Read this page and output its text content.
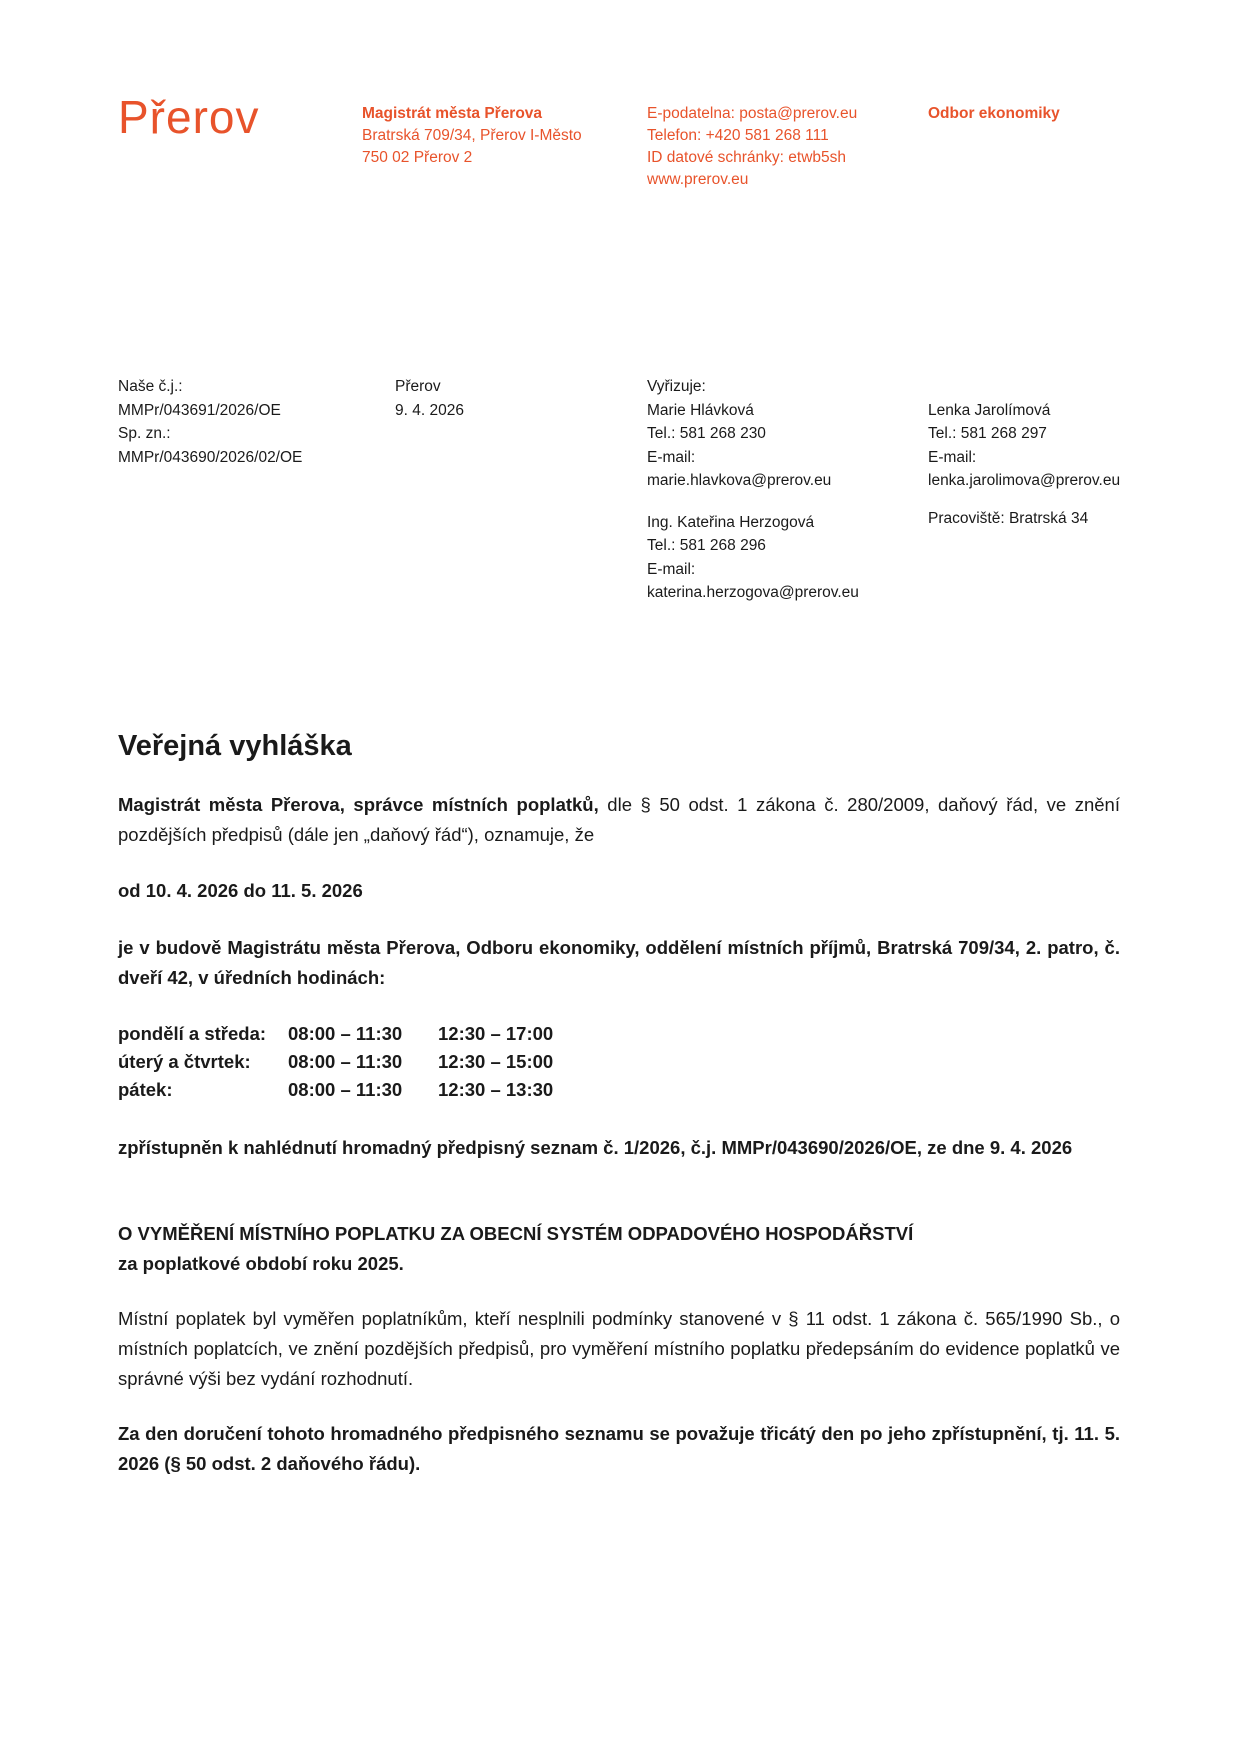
Přerov	Magistrát města Přerova
Bratrská 709/34, Přerov I-Město
750 02 Přerov 2
E-podatelna: posta@prerov.eu
Telefon: +420 581 268 111
ID datové schránky: etwb5sh
www.prerov.eu
Odbor ekonomiky
Naše č.j.:
MMPr/043691/2026/OE
Sp. zn.:
MMPr/043690/2026/02/OE
Přerov
9. 4. 2026
Vyřizuje:
Marie Hlávková
Tel.: 581 268 230
E-mail:
marie.hlavkova@prerov.eu
Ing. Kateřina Herzogová
Tel.: 581 268 296
E-mail:
katerina.herzogova@prerov.eu
Lenka Jarolímová
Tel.: 581 268 297
E-mail:
lenka.jarolimova@prerov.eu
Pracoviště: Bratrská 34
Veřejná vyhláška
Magistrát města Přerova, správce místních poplatků, dle § 50 odst. 1 zákona č. 280/2009, daňový řád, ve znění pozdějších předpisů (dále jen „daňový řád“), oznamuje, že
od 10. 4. 2026 do 11. 5. 2026
je v budově Magistrátu města Přerova, Odboru ekonomiky, oddělení místních příjmů, Bratrská 709/34, 2. patro, č. dveří 42, v úředních hodinách:
pondělí a středa:	08:00 – 11:30	12:30 – 17:00
úterý a čtvrtek:	08:00 – 11:30	12:30 – 15:00
pátek:	08:00 – 11:30	12:30 – 13:30
zpřístupněn k nahlédnutí hromadný předpisný seznam č. 1/2026, č.j. MMPr/043690/2026/OE, ze dne 9. 4. 2026
O VYMĚŘENÍ MÍSTNÍHO POPLATKU ZA OBECNÍ SYSTÉM ODPADOVÉHO HOSPODÁŘSTVÍ
za poplatkové období roku 2025.
Místní poplatek byl vyměřen poplatníkům, kteří nesplnili podmínky stanovené v § 11 odst. 1 zákona č. 565/1990 Sb., o místních poplatcích, ve znění pozdějších předpisů, pro vyměření místního poplatku předepsáním do evidence poplatků ve správné výši bez vydání rozhodnutí.
Za den doručení tohoto hromadného předpisného seznamu se považuje třicátý den po jeho zpřístupnění, tj. 11. 5. 2026 (§ 50 odst. 2 daňového řádu).
